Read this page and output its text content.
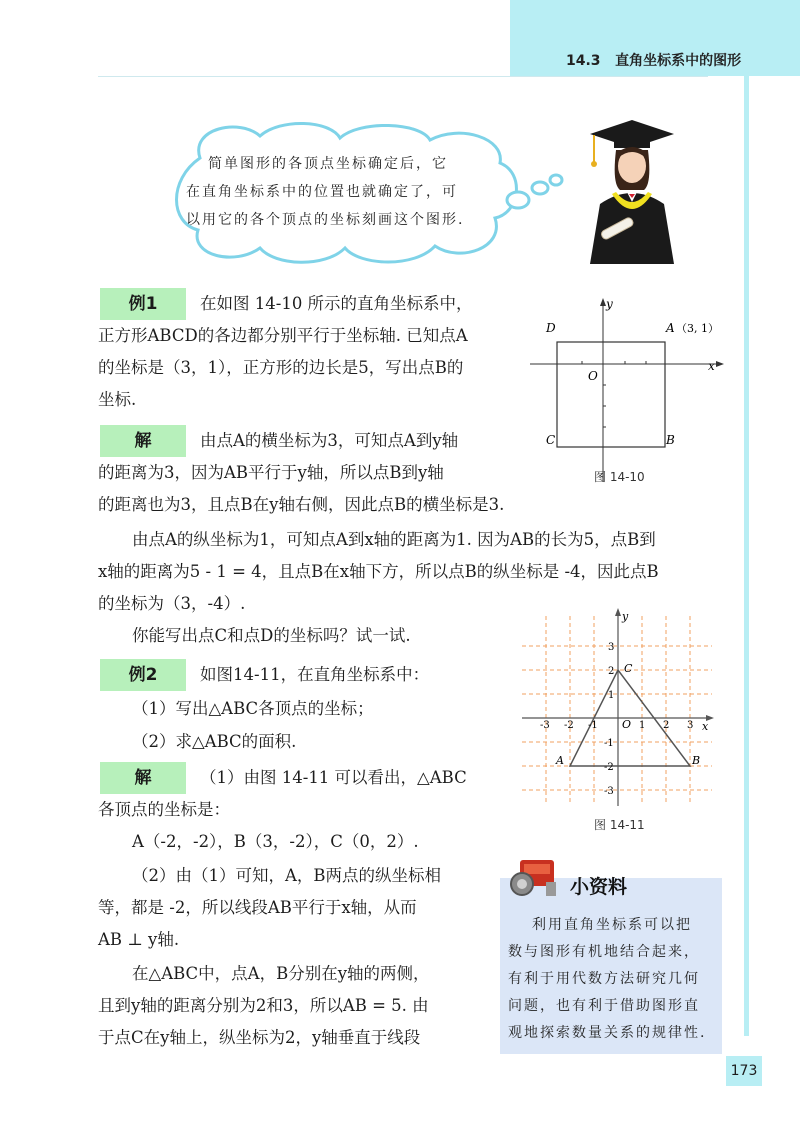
14.3 直角坐标系中的图形
简单图形的各顶点坐标确定后，它
在直角坐标系中的位置也就确定了，可
以用它的各个顶点的坐标刻画这个图形.
例1	在如图 14-10 所示的直角坐标系中，
正方形ABCD的各边都分别平行于坐标轴. 已知点A
的坐标是（3，1），正方形的边长是5，写出点B的
坐标.
y
x
O
A （3, 1）
B
C
D
图 14-10
解	由点A的横坐标为3，可知点A到y轴
的距离为3，因为AB平行于y轴，所以点B到y轴
的距离也为3，且点B在y轴右侧，因此点B的横坐标是3.
由点A的纵坐标为1，可知点A到x轴的距离为1. 因为AB的长为5，点B到
x轴的距离为5 - 1 = 4，且点B在x轴下方，所以点B的纵坐标是 -4，因此点B
的坐标为（3，-4）.
你能写出点C和点D的坐标吗？试一试.
y
x
O
-3 -2 -1	1 2 3
3
2
1
-1
-2
-3
A	B
C
图 14-11
例2	如图14-11，在直角坐标系中：
（1）写出△ABC各顶点的坐标；
（2）求△ABC的面积.
解	（1）由图 14-11 可以看出，△ABC
各顶点的坐标是：
A（-2，-2），B（3，-2），C（0，2）.
（2）由（1）可知，A，B两点的纵坐标相
等，都是 -2，所以线段AB平行于x轴，从而
AB ⊥ y轴.
在△ABC中，点A，B分别在y轴的两侧，
且到y轴的距离分别为2和3，所以AB = 5. 由
于点C在y轴上，纵坐标为2，y轴垂直于线段
小资料
利用直角坐标系可以把
数与图形有机地结合起来，
有利于用代数方法研究几何
问题，也有利于借助图形直
观地探索数量关系的规律性.
173
